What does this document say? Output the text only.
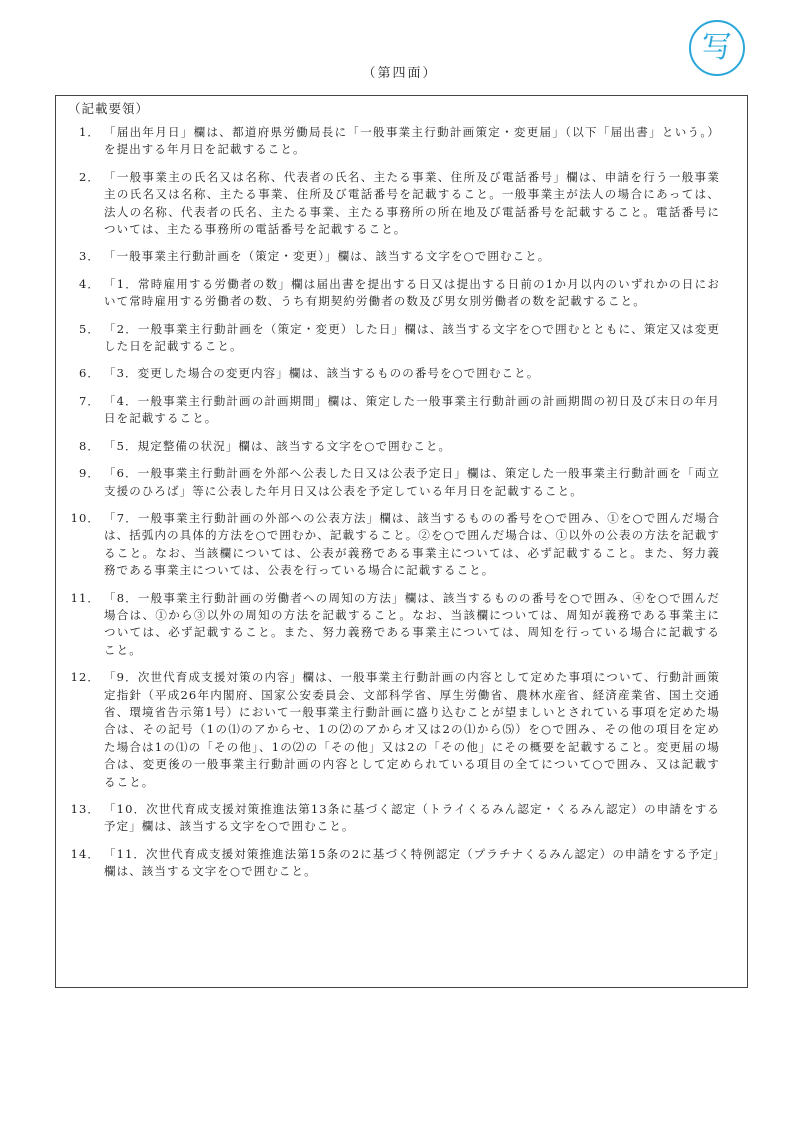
写
（第四面）
（記載要領）
1． 「届出年月日」欄は、都道府県労働局長に「一般事業主行動計画策定・変更届」（以下「届出書」という。）を提出する年月日を記載すること。
2． 「一般事業主の氏名又は名称、代表者の氏名、主たる事業、住所及び電話番号」欄は、申請を行う一般事業主の氏名又は名称、主たる事業、住所及び電話番号を記載すること。一般事業主が法人の場合にあっては、法人の名称、代表者の氏名、主たる事業、主たる事務所の所在地及び電話番号を記載すること。電話番号については、主たる事務所の電話番号を記載すること。
3． 「一般事業主行動計画を（策定・変更）」欄は、該当する文字を○で囲むこと。
4． 「1．常時雇用する労働者の数」欄は届出書を提出する日又は提出する日前の1か月以内のいずれかの日において常時雇用する労働者の数、うち有期契約労働者の数及び男女別労働者の数を記載すること。
5． 「2．一般事業主行動計画を（策定・変更）した日」欄は、該当する文字を○で囲むとともに、策定又は変更した日を記載すること。
6． 「3．変更した場合の変更内容」欄は、該当するものの番号を○で囲むこと。
7． 「4．一般事業主行動計画の計画期間」欄は、策定した一般事業主行動計画の計画期間の初日及び末日の年月日を記載すること。
8． 「5．規定整備の状況」欄は、該当する文字を○で囲むこと。
9． 「6．一般事業主行動計画を外部へ公表した日又は公表予定日」欄は、策定した一般事業主行動計画を「両立支援のひろば」等に公表した年月日又は公表を予定している年月日を記載すること。
10． 「7．一般事業主行動計画の外部への公表方法」欄は、該当するものの番号を○で囲み、①を○で囲んだ場合は、括弧内の具体的方法を○で囲むか、記載すること。②を○で囲んだ場合は、①以外の公表の方法を記載すること。なお、当該欄については、公表が義務である事業主については、必ず記載すること。また、努力義務である事業主については、公表を行っている場合に記載すること。
11． 「8．一般事業主行動計画の労働者への周知の方法」欄は、該当するものの番号を○で囲み、④を○で囲んだ場合は、①から③以外の周知の方法を記載すること。なお、当該欄については、周知が義務である事業主については、必ず記載すること。また、努力義務である事業主については、周知を行っている場合に記載すること。
12． 「9．次世代育成支援対策の内容」欄は、一般事業主行動計画の内容として定めた事項について、行動計画策定指針（平成26年内閣府、国家公安委員会、文部科学省、厚生労働省、農林水産省、経済産業省、国土交通省、環境省告示第1号）において一般事業主行動計画に盛り込むことが望ましいとされている事項を定めた場合は、その記号（1の⑴のアからセ、1の⑵のアからオ又は2の⑴から⑸）を○で囲み、その他の項目を定めた場合は1の⑴の「その他」、1の⑵の「その他」又は2の「その他」にその概要を記載すること。変更届の場合は、変更後の一般事業主行動計画の内容として定められている項目の全てについて○で囲み、又は記載すること。
13． 「10．次世代育成支援対策推進法第13条に基づく認定（トライくるみん認定・くるみん認定）の申請をする予定」欄は、該当する文字を○で囲むこと。
14． 「11．次世代育成支援対策推進法第15条の2に基づく特例認定（プラチナくるみん認定）の申請をする予定」欄は、該当する文字を○で囲むこと。
